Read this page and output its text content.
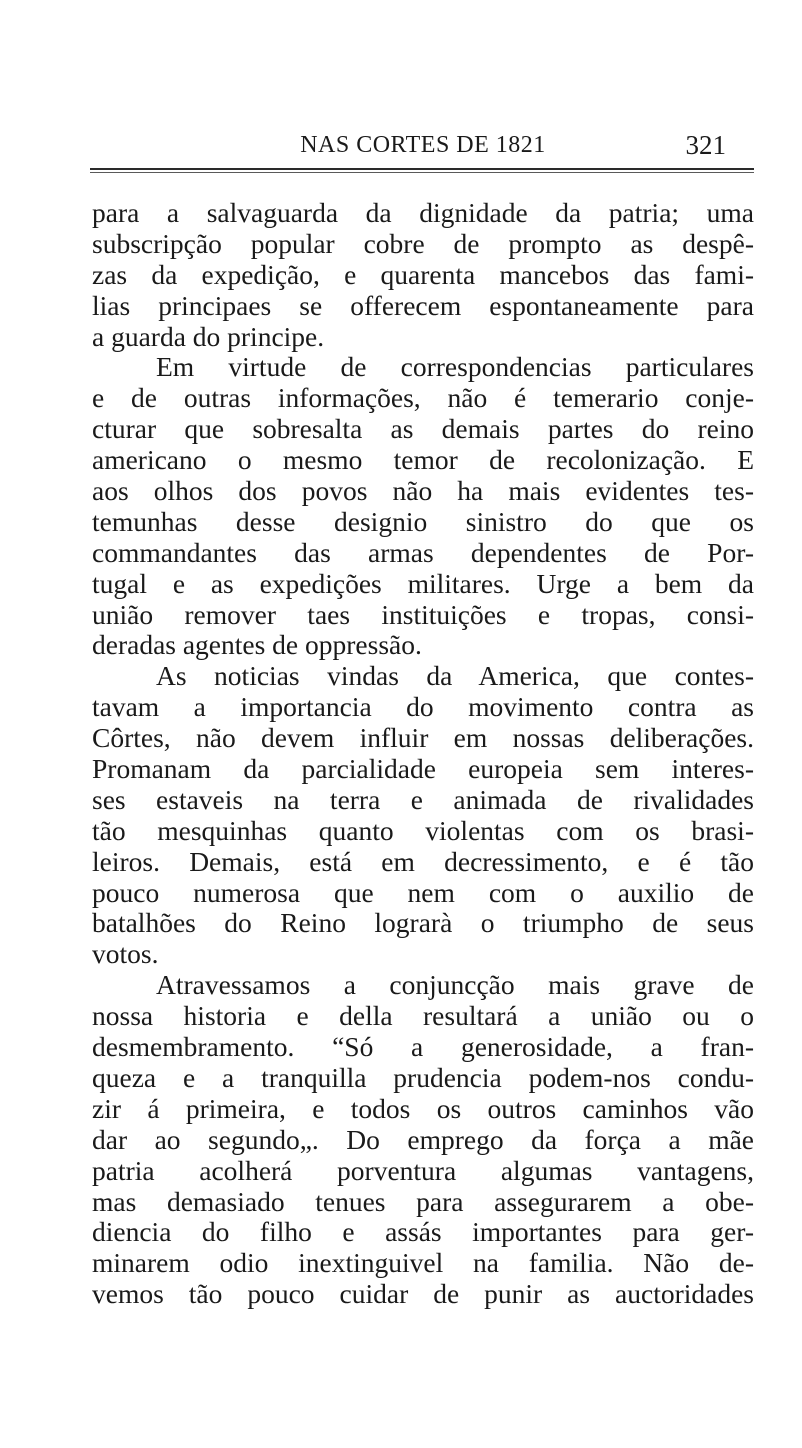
NAS CORTES DE 1821	321
para a salvaguarda da dignidade da patria; uma
subscripção popular cobre de prompto as despê-
zas da expedição, e quarenta mancebos das fami-
lias principaes se offerecem espontaneamente para
a guarda do principe.
Em virtude de correspondencias particulares
e de outras informações, não é temerario conje-
cturar que sobresalta as demais partes do reino
americano o mesmo temor de recolonização. E
aos olhos dos povos não ha mais evidentes tes-
temunhas desse designio sinistro do que os
commandantes das armas dependentes de Por-
tugal e as expedições militares. Urge a bem da
união remover taes instituições e tropas, consi-
deradas agentes de oppressão.
As noticias vindas da America, que contes-
tavam a importancia do movimento contra as
Côrtes, não devem influir em nossas deliberações.
Promanam da parcialidade europeia sem interes-
ses estaveis na terra e animada de rivalidades
tão mesquinhas quanto violentas com os brasi-
leiros. Demais, está em decressimento, e é tão
pouco numerosa que nem com o auxilio de
batalhões do Reino lograrà o triumpho de seus
votos.
Atravessamos a conjuncção mais grave de
nossa historia e della resultará a união ou o
desmembramento. “Só a generosidade, a fran-
queza e a tranquilla prudencia podem-nos condu-
zir á primeira, e todos os outros caminhos vão
dar ao segundo„. Do emprego da força a mãe
patria acolherá porventura algumas vantagens,
mas demasiado tenues para assegurarem a obe-
diencia do filho e assás importantes para ger-
minarem odio inextinguivel na familia. Não de-
vemos tão pouco cuidar de punir as auctoridades
